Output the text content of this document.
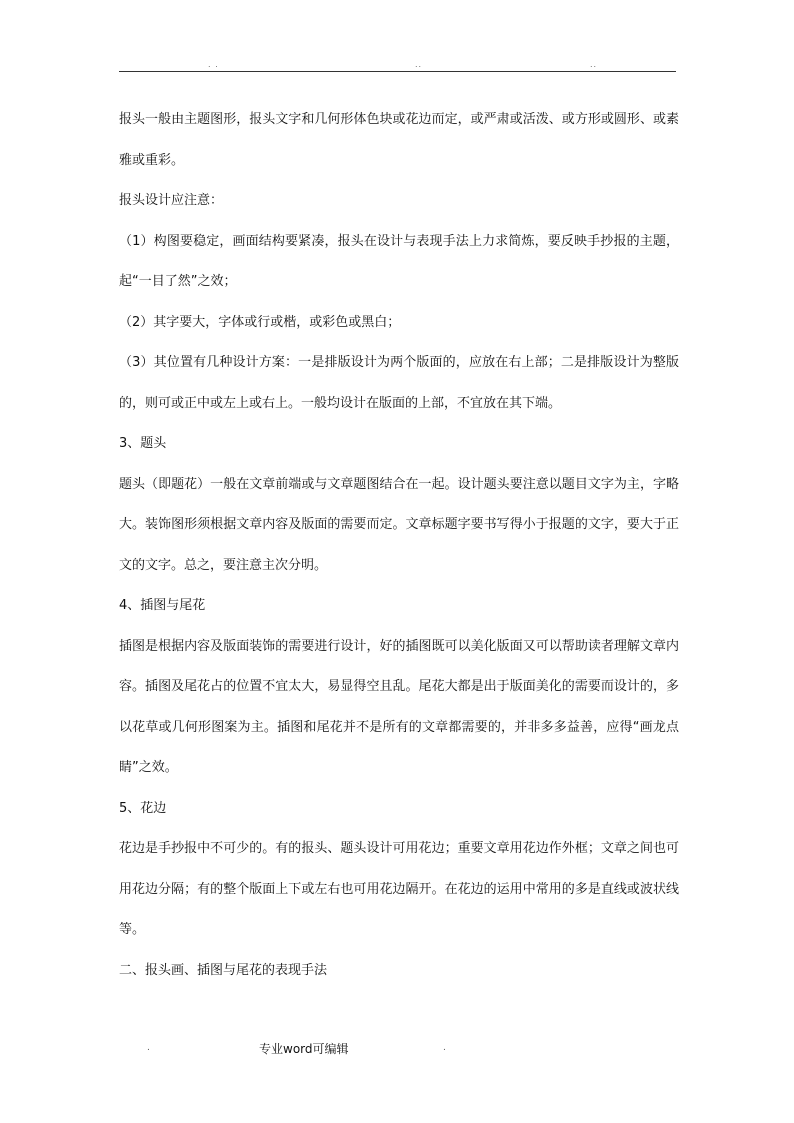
. .	..	..

报头一般由主题图形，报头文字和几何形体色块或花边而定，或严肃或活泼、或方形或圆形、或素雅或重彩。

报头设计应注意：

（1）构图要稳定，画面结构要紧凑，报头在设计与表现手法上力求简炼，要反映手抄报的主题，起“一目了然”之效；

（2）其字要大，字体或行或楷，或彩色或黑白；

（3）其位置有几种设计方案：一是排版设计为两个版面的，应放在右上部；二是排版设计为整版的，则可或正中或左上或右上。一般均设计在版面的上部，不宜放在其下端。

3、题头

题头（即题花）一般在文章前端或与文章题图结合在一起。设计题头要注意以题目文字为主，字略大。装饰图形须根据文章内容及版面的需要而定。文章标题字要书写得小于报题的文字，要大于正文的文字。总之，要注意主次分明。

4、插图与尾花

插图是根据内容及版面装饰的需要进行设计，好的插图既可以美化版面又可以帮助读者理解文章内容。插图及尾花占的位置不宜太大，易显得空且乱。尾花大都是出于版面美化的需要而设计的，多以花草或几何形图案为主。插图和尾花并不是所有的文章都需要的，并非多多益善，应得“画龙点睛”之效。

5、花边

花边是手抄报中不可少的。有的报头、题头设计可用花边；重要文章用花边作外框；文章之间也可用花边分隔；有的整个版面上下或左右也可用花边隔开。在花边的运用中常用的多是直线或波状线等。

二、报头画、插图与尾花的表现手法

.	专业word可编辑	.
